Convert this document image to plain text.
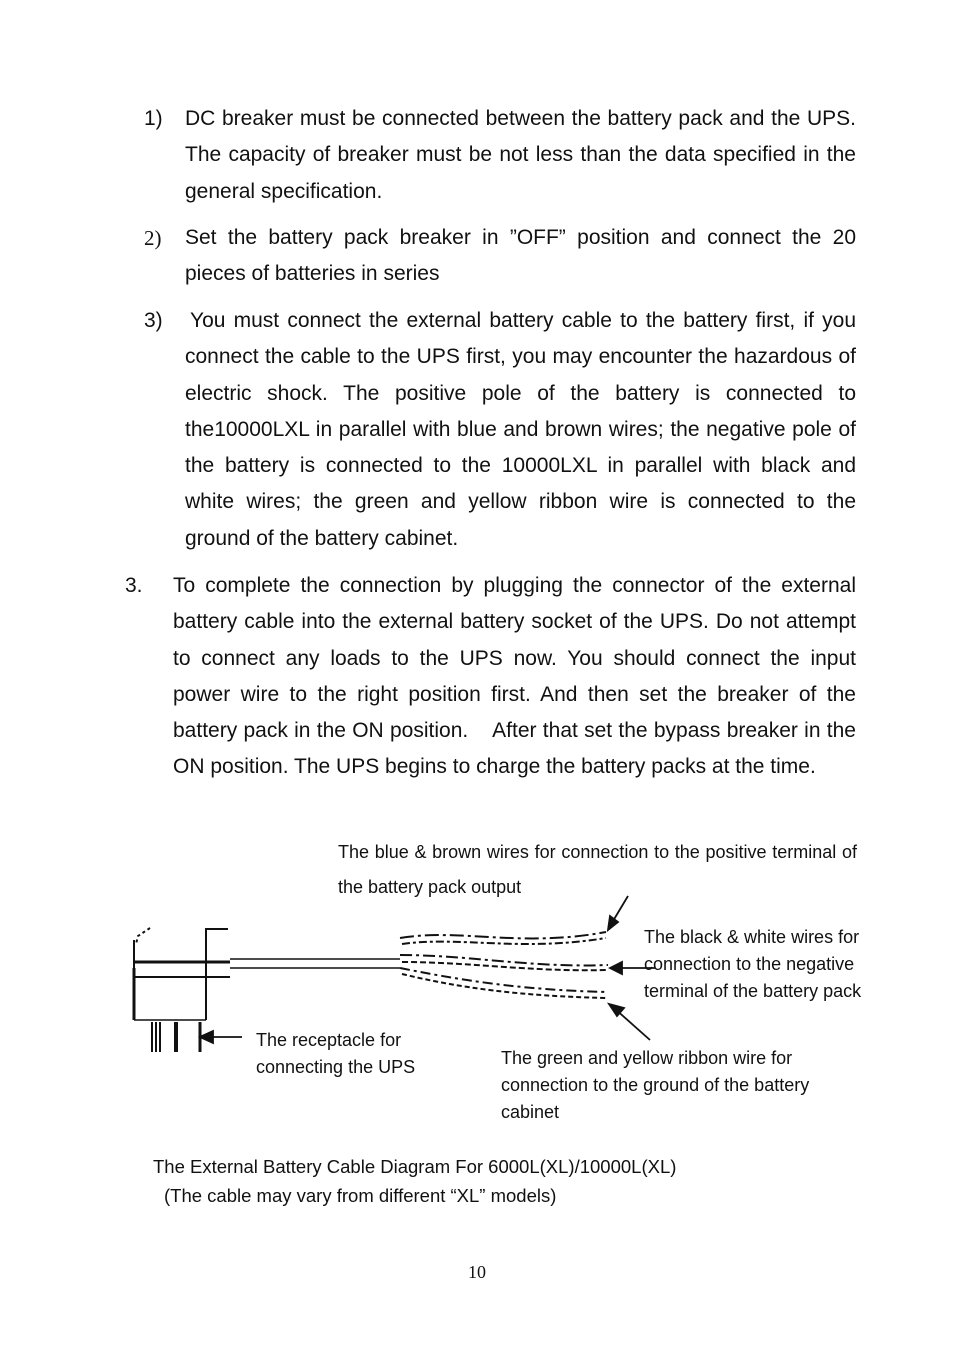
1) DC breaker must be connected between the battery pack and the UPS. The capacity of breaker must be not less than the data specified in the general specification.
2) Set the battery pack breaker in ”OFF” position and connect the 20 pieces of batteries in series
3) You must connect the external battery cable to the battery first, if you connect the cable to the UPS first, you may encounter the hazardous of electric shock. The positive pole of the battery is connected to the10000LXL in parallel with blue and brown wires; the negative pole of the battery is connected to the 10000LXL in parallel with black and white wires; the green and yellow ribbon wire is connected to the ground of the battery cabinet.
3. To complete the connection by plugging the connector of the external battery cable into the external battery socket of the UPS. Do not attempt to connect any loads to the UPS now. You should connect the input power wire to the right position first. And then set the breaker of the battery pack in the ON position.    After that set the bypass breaker in the ON position. The UPS begins to charge the battery packs at the time.
The blue & brown wires for connection to the positive terminal of the battery pack output
The black & white wires for connection to the negative terminal of the battery pack
The receptacle for connecting the UPS	The green and yellow ribbon wire for connection to the ground of the battery cabinet
The External Battery Cable Diagram For 6000L(XL)/10000L(XL)
(The cable may vary from different “XL” models)
10
